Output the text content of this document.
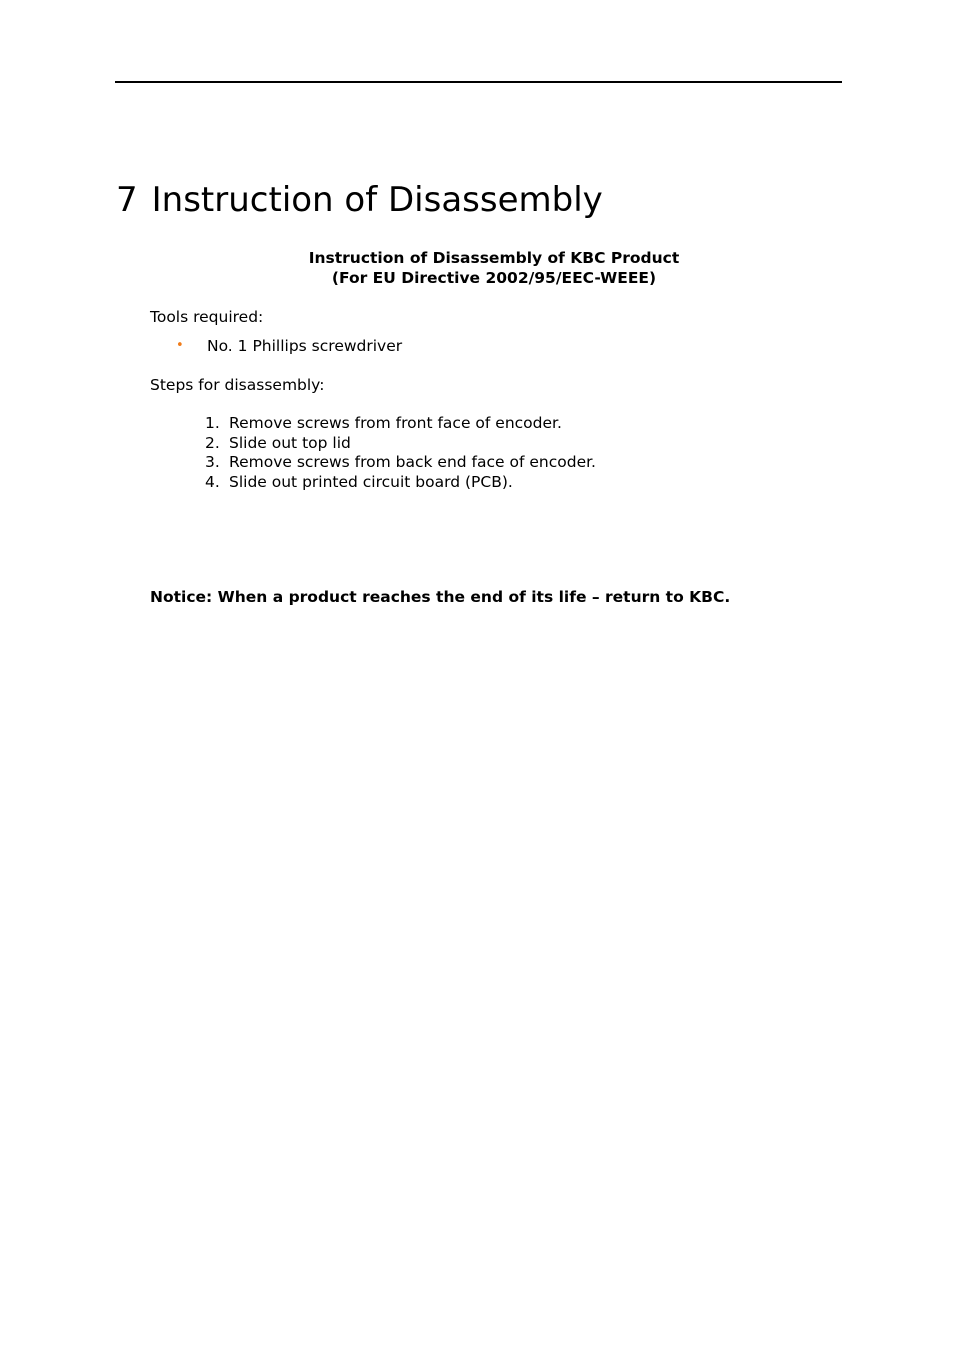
7 Instruction of Disassembly
Instruction of Disassembly of KBC Product
(For EU Directive 2002/95/EEC-WEEE)
Tools required:
•	No. 1 Phillips screwdriver
Steps for disassembly:
1. Remove screws from front face of encoder.
2. Slide out top lid
3. Remove screws from back end face of encoder.
4. Slide out printed circuit board (PCB).
Notice: When a product reaches the end of its life – return to KBC.
